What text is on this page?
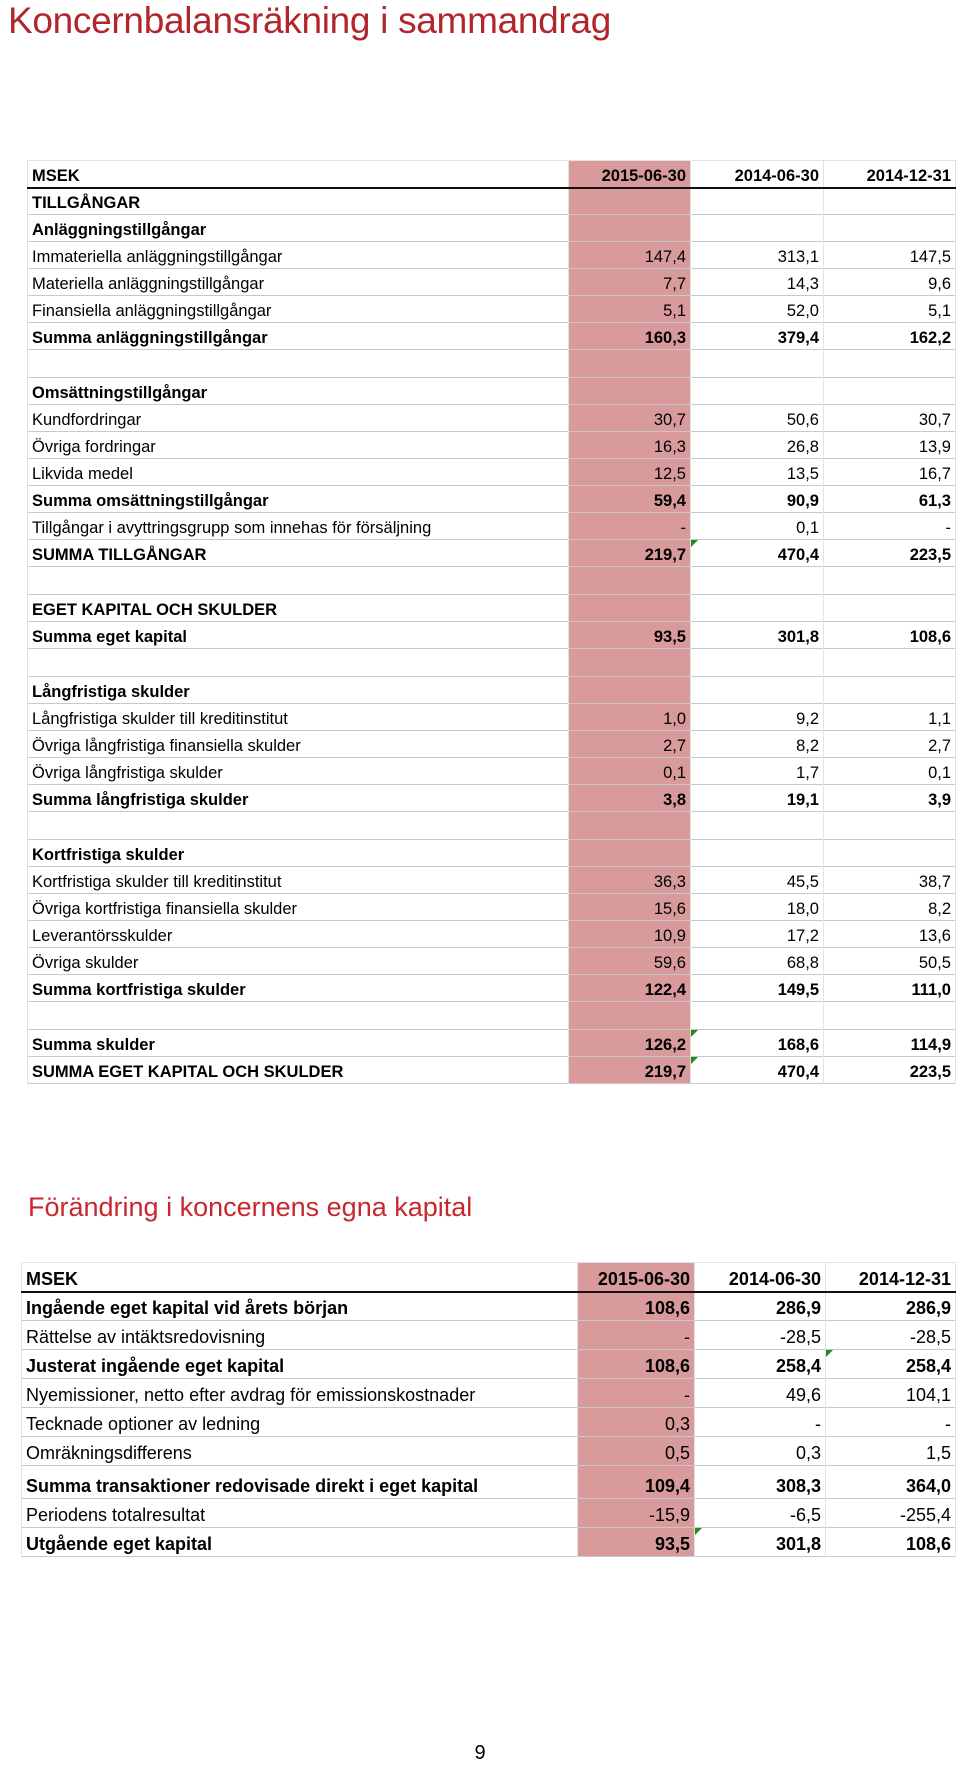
Koncernbalansräkning i sammandrag
MSEK	2015-06-30	2014-06-30	2014-12-31
TILLGÅNGAR			
Anläggningstillgångar			
Immateriella anläggningstillgångar	147,4	313,1	147,5
Materiella anläggningstillgångar	7,7	14,3	9,6
Finansiella anläggningstillgångar	5,1	52,0	5,1
Summa anläggningstillgångar	160,3	379,4	162,2

Omsättningstillgångar			
Kundfordringar	30,7	50,6	30,7
Övriga fordringar	16,3	26,8	13,9
Likvida medel	12,5	13,5	16,7
Summa omsättningstillgångar	59,4	90,9	61,3
Tillgångar i avyttringsgrupp som innehas för försäljning	-	0,1	-
SUMMA TILLGÅNGAR	219,7	470,4	223,5

EGET KAPITAL OCH SKULDER			
Summa eget kapital	93,5	301,8	108,6

Långfristiga skulder			
Långfristiga skulder till kreditinstitut	1,0	9,2	1,1
Övriga långfristiga finansiella skulder	2,7	8,2	2,7
Övriga långfristiga skulder	0,1	1,7	0,1
Summa långfristiga skulder	3,8	19,1	3,9

Kortfristiga skulder			
Kortfristiga skulder till kreditinstitut	36,3	45,5	38,7
Övriga kortfristiga finansiella skulder	15,6	18,0	8,2
Leverantörsskulder	10,9	17,2	13,6
Övriga skulder	59,6	68,8	50,5
Summa kortfristiga skulder	122,4	149,5	111,0

Summa skulder	126,2	168,6	114,9
SUMMA EGET KAPITAL OCH SKULDER	219,7	470,4	223,5
Förändring i koncernens egna kapital
MSEK	2015-06-30	2014-06-30	2014-12-31
Ingående eget kapital vid årets början	108,6	286,9	286,9
Rättelse av intäktsredovisning	-	-28,5	-28,5
Justerat ingående eget kapital	108,6	258,4	258,4
Nyemissioner, netto efter avdrag för emissionskostnader	-	49,6	104,1
Tecknade optioner av ledning	0,3	-	-
Omräkningsdifferens	0,5	0,3	1,5
Summa transaktioner redovisade direkt i eget kapital	109,4	308,3	364,0
Periodens totalresultat	-15,9	-6,5	-255,4
Utgående eget kapital	93,5	301,8	108,6
9
